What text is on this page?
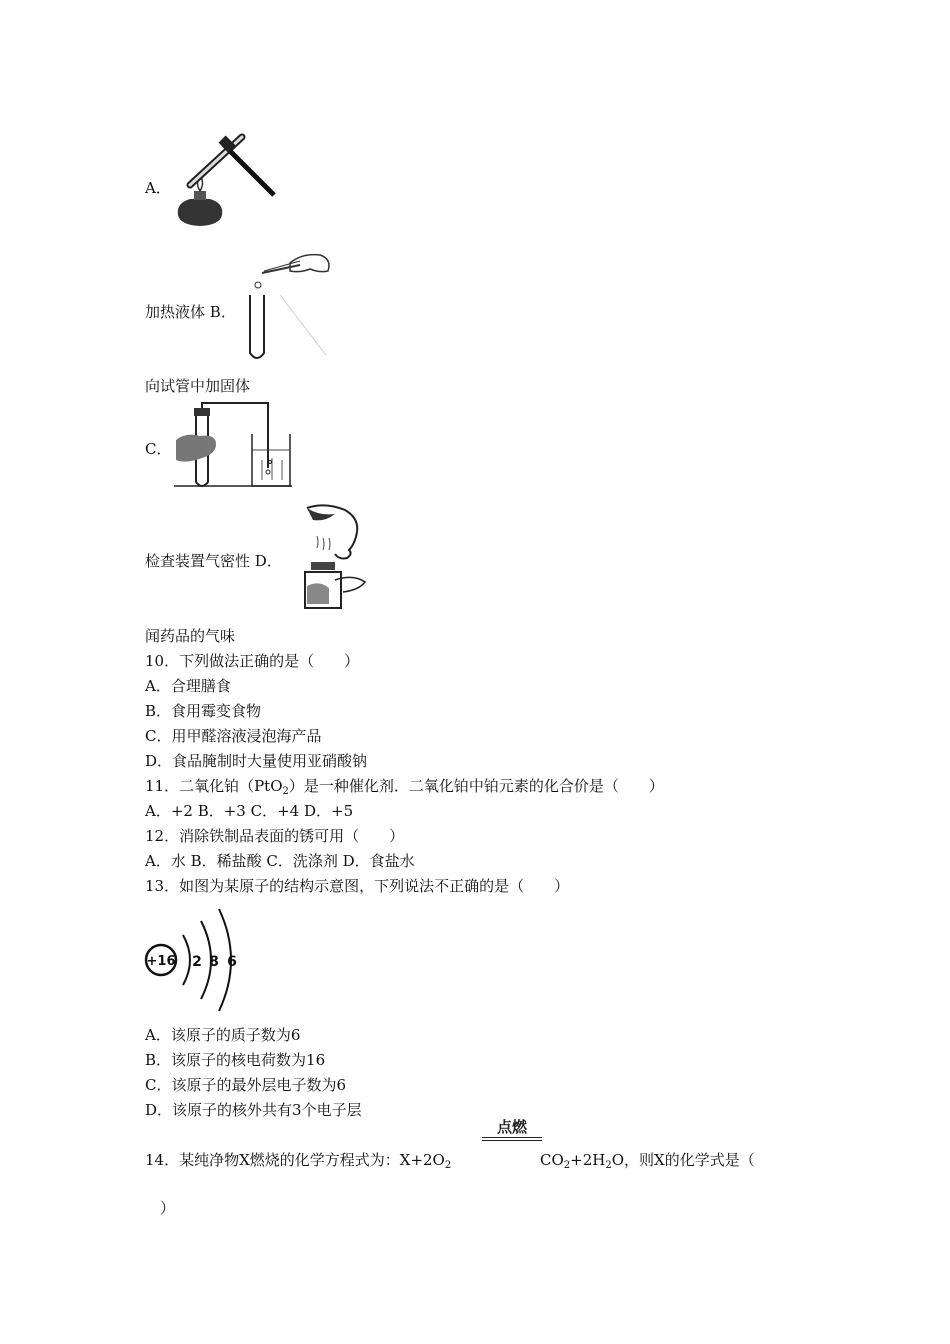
A．
加热液体 B．
向试管中加固体
C．
检查装置气密性 D．
闻药品的气味
10．下列做法正确的是（　　）
A．合理膳食
B．食用霉变食物
C．用甲醛溶液浸泡海产品
D．食品腌制时大量使用亚硝酸钠
11．二氧化铂（PtO$_2$）是一种催化剂．二氧化铂中铂元素的化合价是（　　）
A．+2 B．+3 C．+4 D．+5
12．消除铁制品表面的锈可用（　　）
A．水 B．稀盐酸 C．洗涤剂 D．食盐水
13．如图为某原子的结构示意图，下列说法不正确的是（　　）
+16 2 8 6
A．该原子的质子数为6
B．该原子的核电荷数为16
C．该原子的最外层电子数为6
D．该原子的核外共有3个电子层
点燃
14．某纯净物X燃烧的化学方程式为：$X+2O_2$	$CO_2+2H_2O$，则X的化学式是（
）
